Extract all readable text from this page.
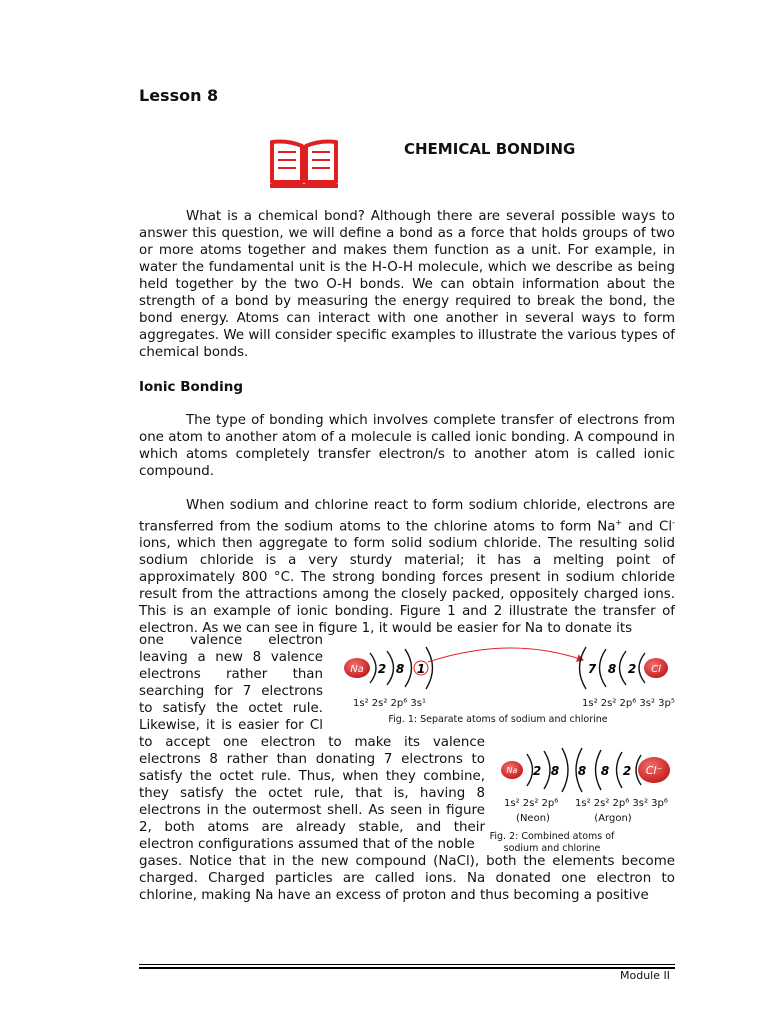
Lesson 8
CHEMICAL BONDING

What is a chemical bond? Although there are several possible ways to answer this question, we will define a bond as a force that holds groups of two or more atoms together and makes them function as a unit. For example, in water the fundamental unit is the H-O-H molecule, which we describe as being held together by the two O-H bonds. We can obtain information about the strength of a bond by measuring the energy required to break the bond, the bond energy. Atoms can interact with one another in several ways to form aggregates. We will consider specific examples to illustrate the various types of chemical bonds.

Ionic Bonding

The type of bonding which involves complete transfer of electrons from one atom to another atom of a molecule is called ionic bonding. A compound in which atoms completely transfer electron/s to another atom is called ionic compound.

When sodium and chlorine react to form sodium chloride, electrons are transferred from the sodium atoms to the chlorine atoms to form Na+ and Cl- ions, which then aggregate to form solid sodium chloride. The resulting solid sodium chloride is a very sturdy material; it has a melting point of approximately 800 °C. The strong bonding forces present in sodium chloride result from the attractions among the closely packed, oppositely charged ions. This is an example of ionic bonding. Figure 1 and 2 illustrate the transfer of electron. As we can see in figure 1, it would be easier for Na to donate its

one valence electron leaving a new 8 valence electrons rather than searching for 7 electrons to satisfy the octet rule. Likewise, it is easier for Cl

to accept one electron to make its valence electrons 8 rather than donating 7 electrons to satisfy the octet rule. Thus, when they combine, they satisfy the octet rule, that is, having 8 electrons in the outermost shell. As seen in figure 2, both atoms are already stable, and their electron configurations assumed that of the noble

gases. Notice that in the new compound (NaCl), both the elements become charged. Charged particles are called ions. Na donated one electron to chlorine, making Na have an excess of proton and thus becoming a positive

Na 2 8 1	7 8 2 Cl
1s² 2s² 2p⁶ 3s¹	1s² 2s² 2p⁶ 3s² 3p⁵
Fig. 1: Separate atoms of sodium and chlorine
Na 2 8 8 8 2 Cl⁻
1s² 2s² 2p⁶
(Neon)
1s² 2s² 2p⁶ 3s² 3p⁶
(Argon)
Fig. 2: Combined atoms of
sodium and chlorine
Module II
